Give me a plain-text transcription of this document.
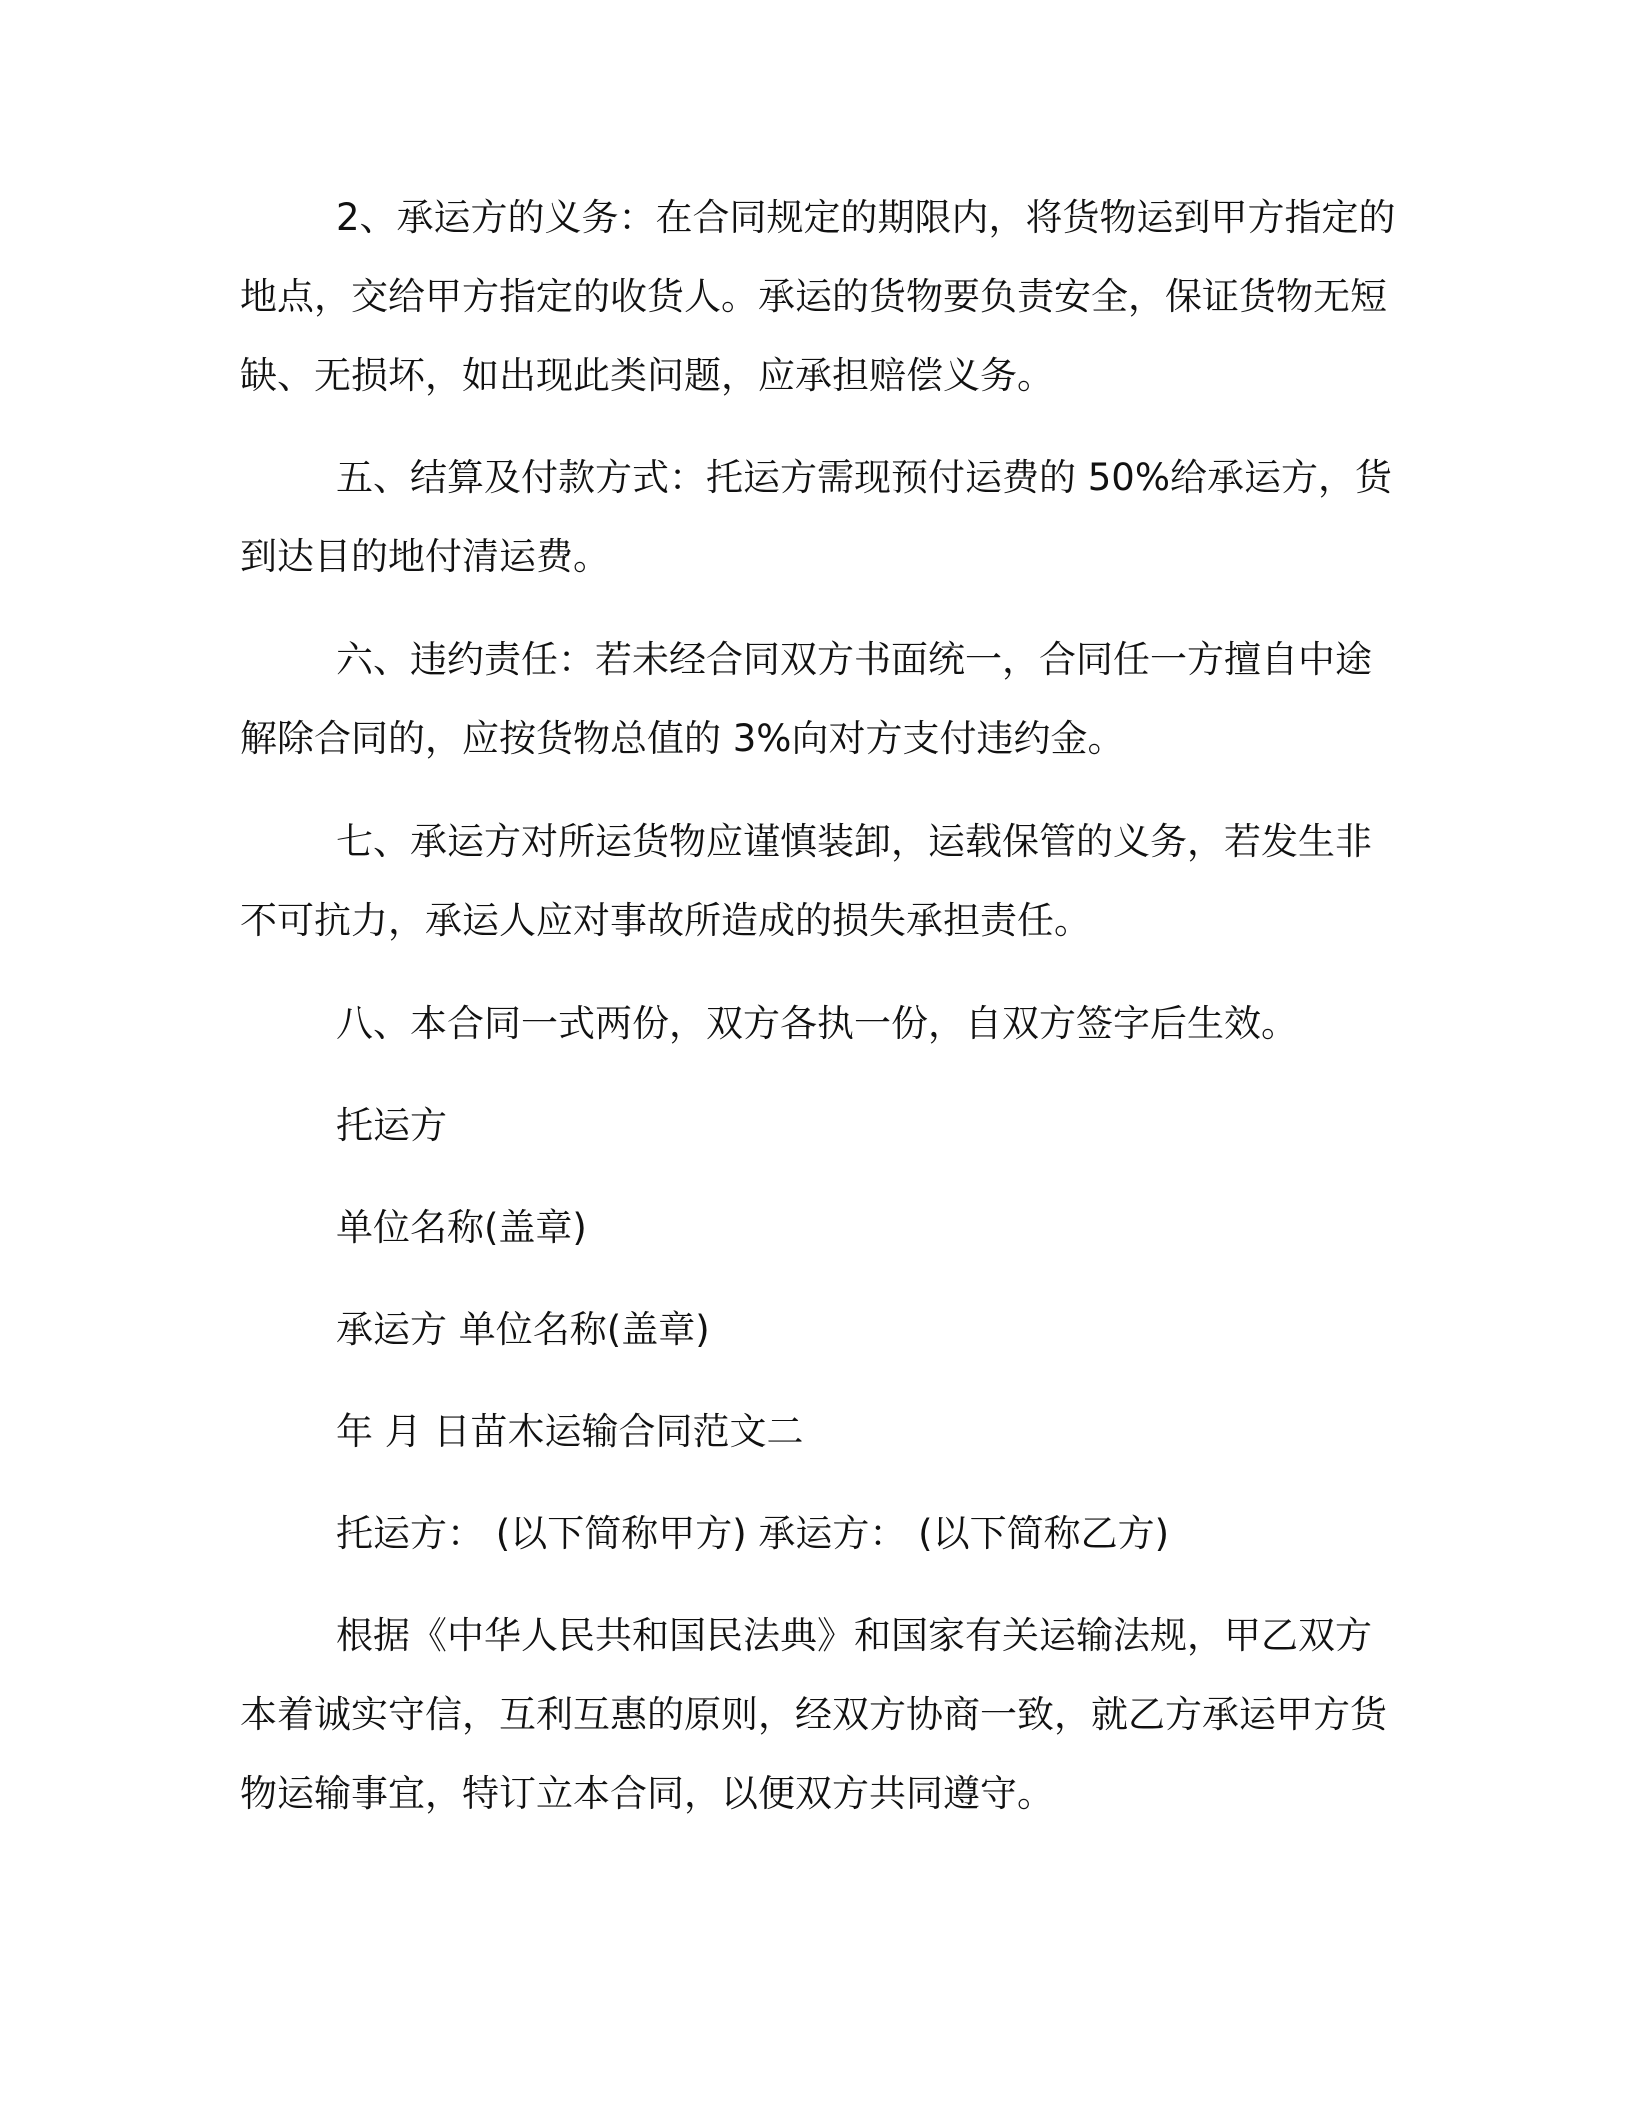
2、承运方的义务：在合同规定的期限内，将货物运到甲方指定的地点，交给甲方指定的收货人。承运的货物要负责安全，保证货物无短缺、无损坏，如出现此类问题，应承担赔偿义务。

五、结算及付款方式：托运方需现预付运费的 50%给承运方，货到达目的地付清运费。

六、违约责任：若未经合同双方书面统一，合同任一方擅自中途解除合同的，应按货物总值的 3%向对方支付违约金。

七、承运方对所运货物应谨慎装卸，运载保管的义务，若发生非不可抗力，承运人应对事故所造成的损失承担责任。

八、本合同一式两份，双方各执一份，自双方签字后生效。

托运方

单位名称(盖章)

承运方 单位名称(盖章)

年 月 日苗木运输合同范文二

托运方： (以下简称甲方) 承运方： (以下简称乙方)

根据《中华人民共和国民法典》和国家有关运输法规，甲乙双方本着诚实守信，互利互惠的原则，经双方协商一致，就乙方承运甲方货物运输事宜，特订立本合同，以便双方共同遵守。
